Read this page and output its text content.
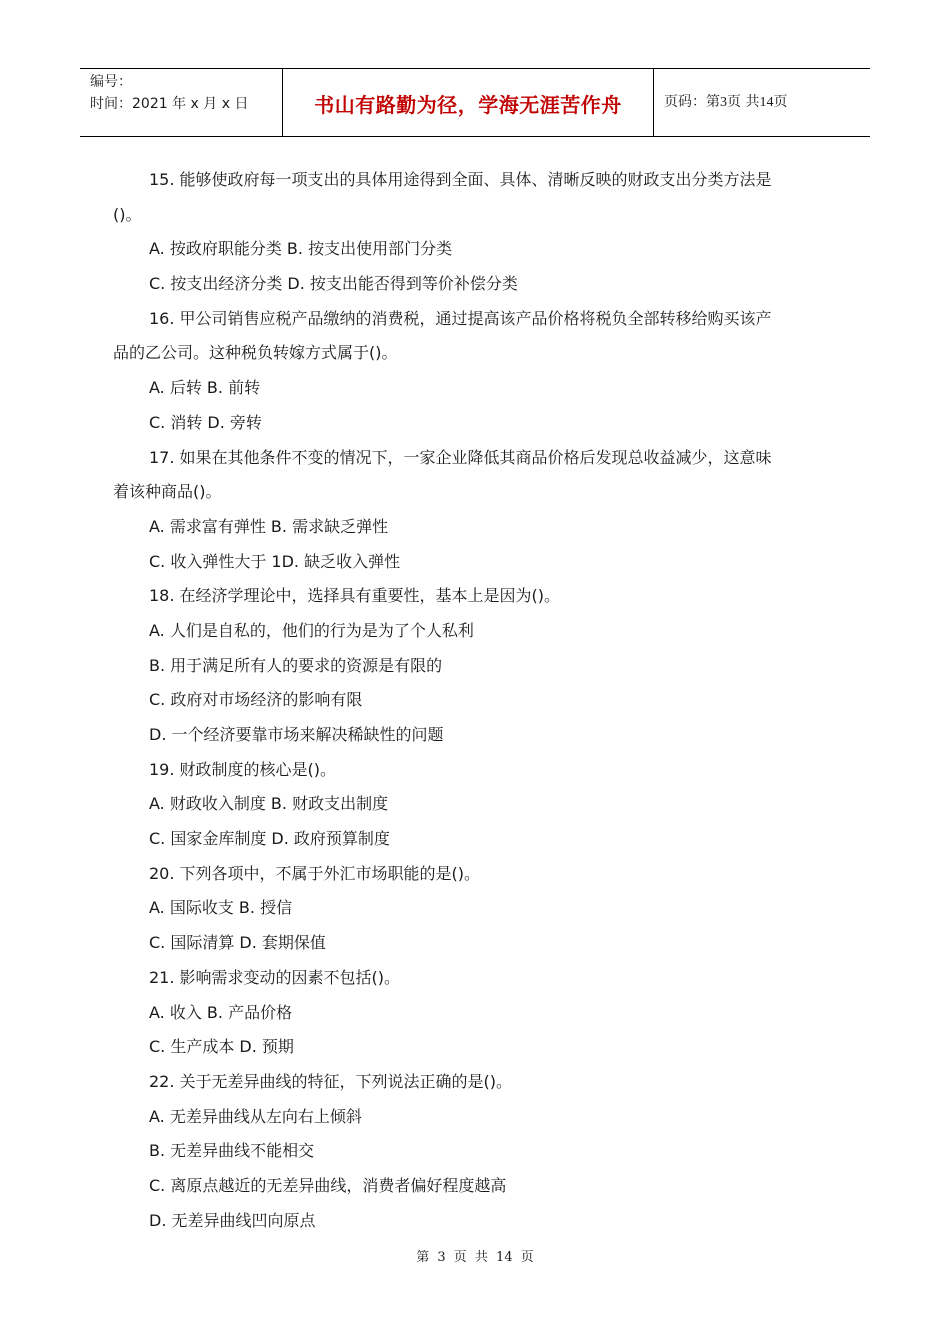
编号：
时间：2021 年 x 月 x 日	书山有路勤为径，学海无涯苦作舟	页码：第3页 共14页
15. 能够使政府每一项支出的具体用途得到全面、具体、清晰反映的财政支出分类方法是
()。
A. 按政府职能分类 B. 按支出使用部门分类
C. 按支出经济分类 D. 按支出能否得到等价补偿分类
16. 甲公司销售应税产品缴纳的消费税，通过提高该产品价格将税负全部转移给购买该产
品的乙公司。这种税负转嫁方式属于()。
A. 后转 B. 前转
C. 消转 D. 旁转
17. 如果在其他条件不变的情况下，一家企业降低其商品价格后发现总收益减少，这意味
着该种商品()。
A. 需求富有弹性 B. 需求缺乏弹性
C. 收入弹性大于 1D. 缺乏收入弹性
18. 在经济学理论中，选择具有重要性，基本上是因为()。
A. 人们是自私的，他们的行为是为了个人私利
B. 用于满足所有人的要求的资源是有限的
C. 政府对市场经济的影响有限
D. 一个经济要靠市场来解决稀缺性的问题
19. 财政制度的核心是()。
A. 财政收入制度 B. 财政支出制度
C. 国家金库制度 D. 政府预算制度
20. 下列各项中，不属于外汇市场职能的是()。
A. 国际收支 B. 授信
C. 国际清算 D. 套期保值
21. 影响需求变动的因素不包括()。
A. 收入 B. 产品价格
C. 生产成本 D. 预期
22. 关于无差异曲线的特征，下列说法正确的是()。
A. 无差异曲线从左向右上倾斜
B. 无差异曲线不能相交
C. 离原点越近的无差异曲线，消费者偏好程度越高
D. 无差异曲线凹向原点
第 3 页 共 14 页
